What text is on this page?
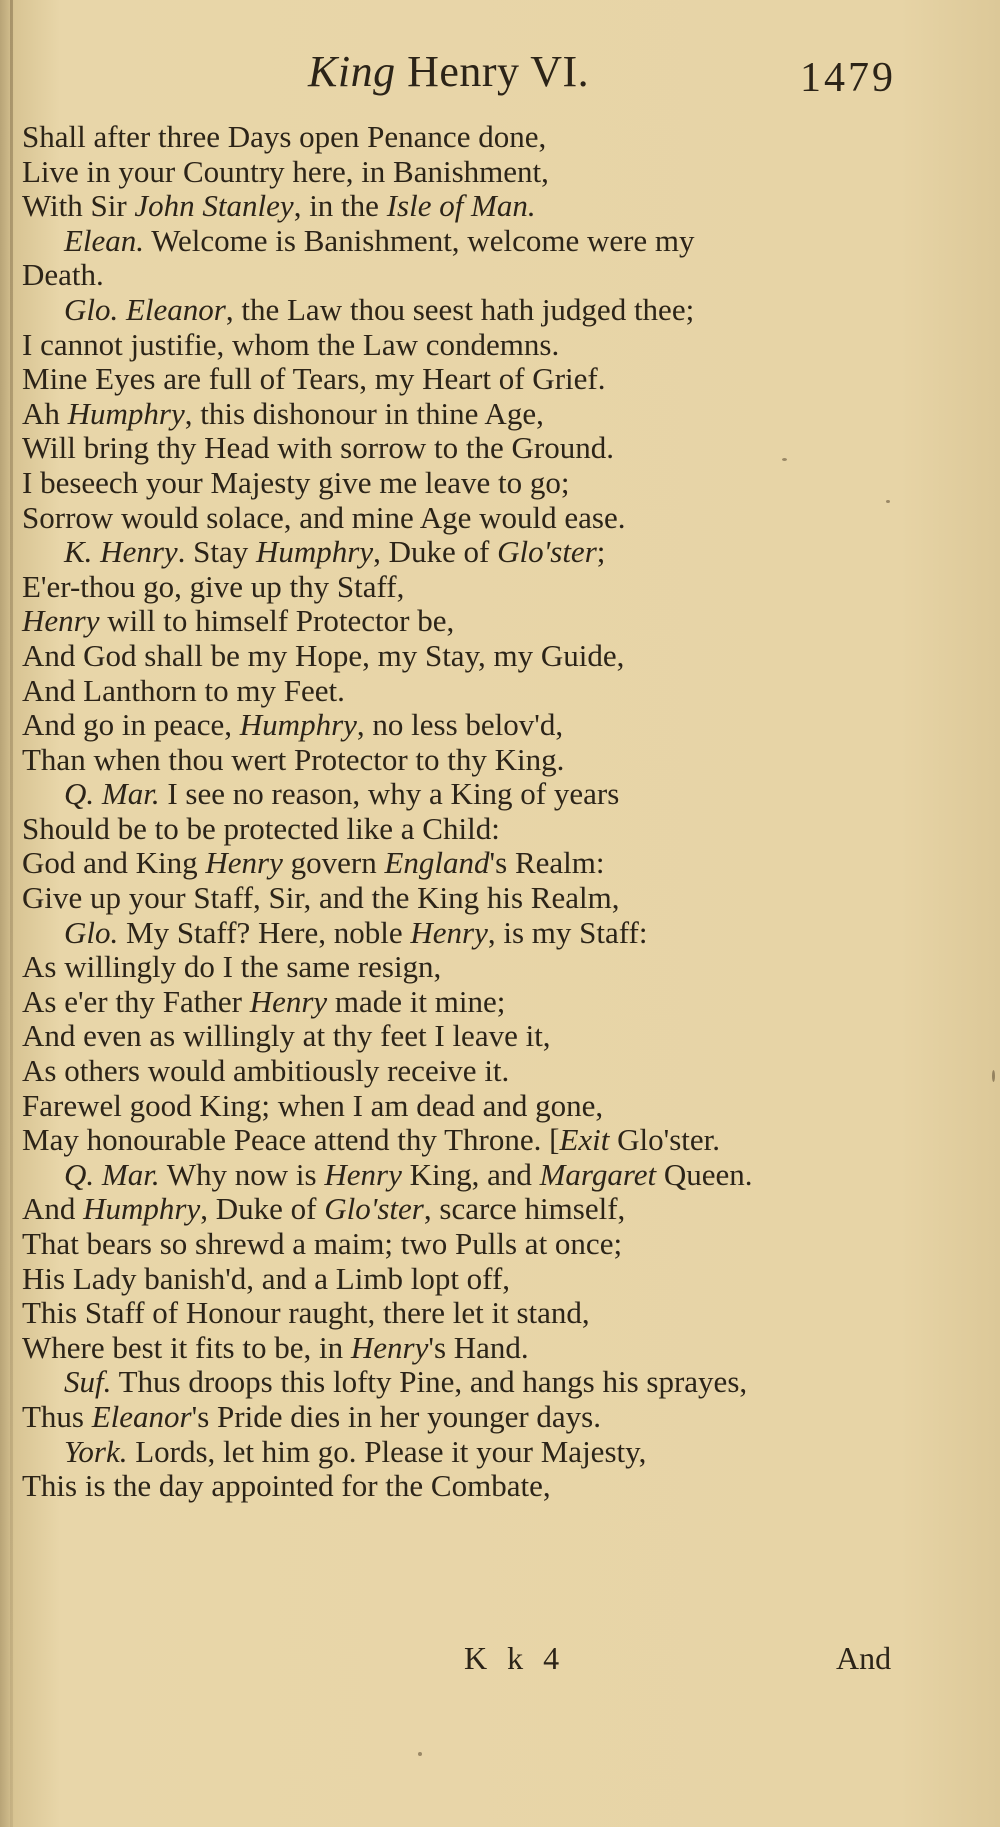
King Henry VI.	1479
Shall after three Days open Penance done,
Live in your Country here, in Banishment,
With Sir John Stanley, in the Isle of Man.
Elean. Welcome is Banishment, welcome were my
Death.
Glo. Eleanor, the Law thou seest hath judged thee;
I cannot justifie, whom the Law condemns.
Mine Eyes are full of Tears, my Heart of Grief.
Ah Humphry, this dishonour in thine Age,
Will bring thy Head with sorrow to the Ground.
I beseech your Majesty give me leave to go;
Sorrow would solace, and mine Age would ease.
K. Henry. Stay Humphry, Duke of Glo'ster;
E'er-thou go, give up thy Staff,
Henry will to himself Protector be,
And God shall be my Hope, my Stay, my Guide,
And Lanthorn to my Feet.
And go in peace, Humphry, no less belov'd,
Than when thou wert Protector to thy King.
Q. Mar. I see no reason, why a King of years
Should be to be protected like a Child:
God and King Henry govern England's Realm:
Give up your Staff, Sir, and the King his Realm,
Glo. My Staff? Here, noble Henry, is my Staff:
As willingly do I the same resign,
As e'er thy Father Henry made it mine;
And even as willingly at thy feet I leave it,
As others would ambitiously receive it.
Farewel good King; when I am dead and gone,
May honourable Peace attend thy Throne. [Exit Glo'ster.
Q. Mar. Why now is Henry King, and Margaret Queen.
And Humphry, Duke of Glo'ster, scarce himself,
That bears so shrewd a maim; two Pulls at once;
His Lady banish'd, and a Limb lopt off,
This Staff of Honour raught, there let it stand,
Where best it fits to be, in Henry's Hand.
Suf. Thus droops this lofty Pine, and hangs his sprayes,
Thus Eleanor's Pride dies in her younger days.
York. Lords, let him go. Please it your Majesty,
This is the day appointed for the Combate,
K k 4	And
